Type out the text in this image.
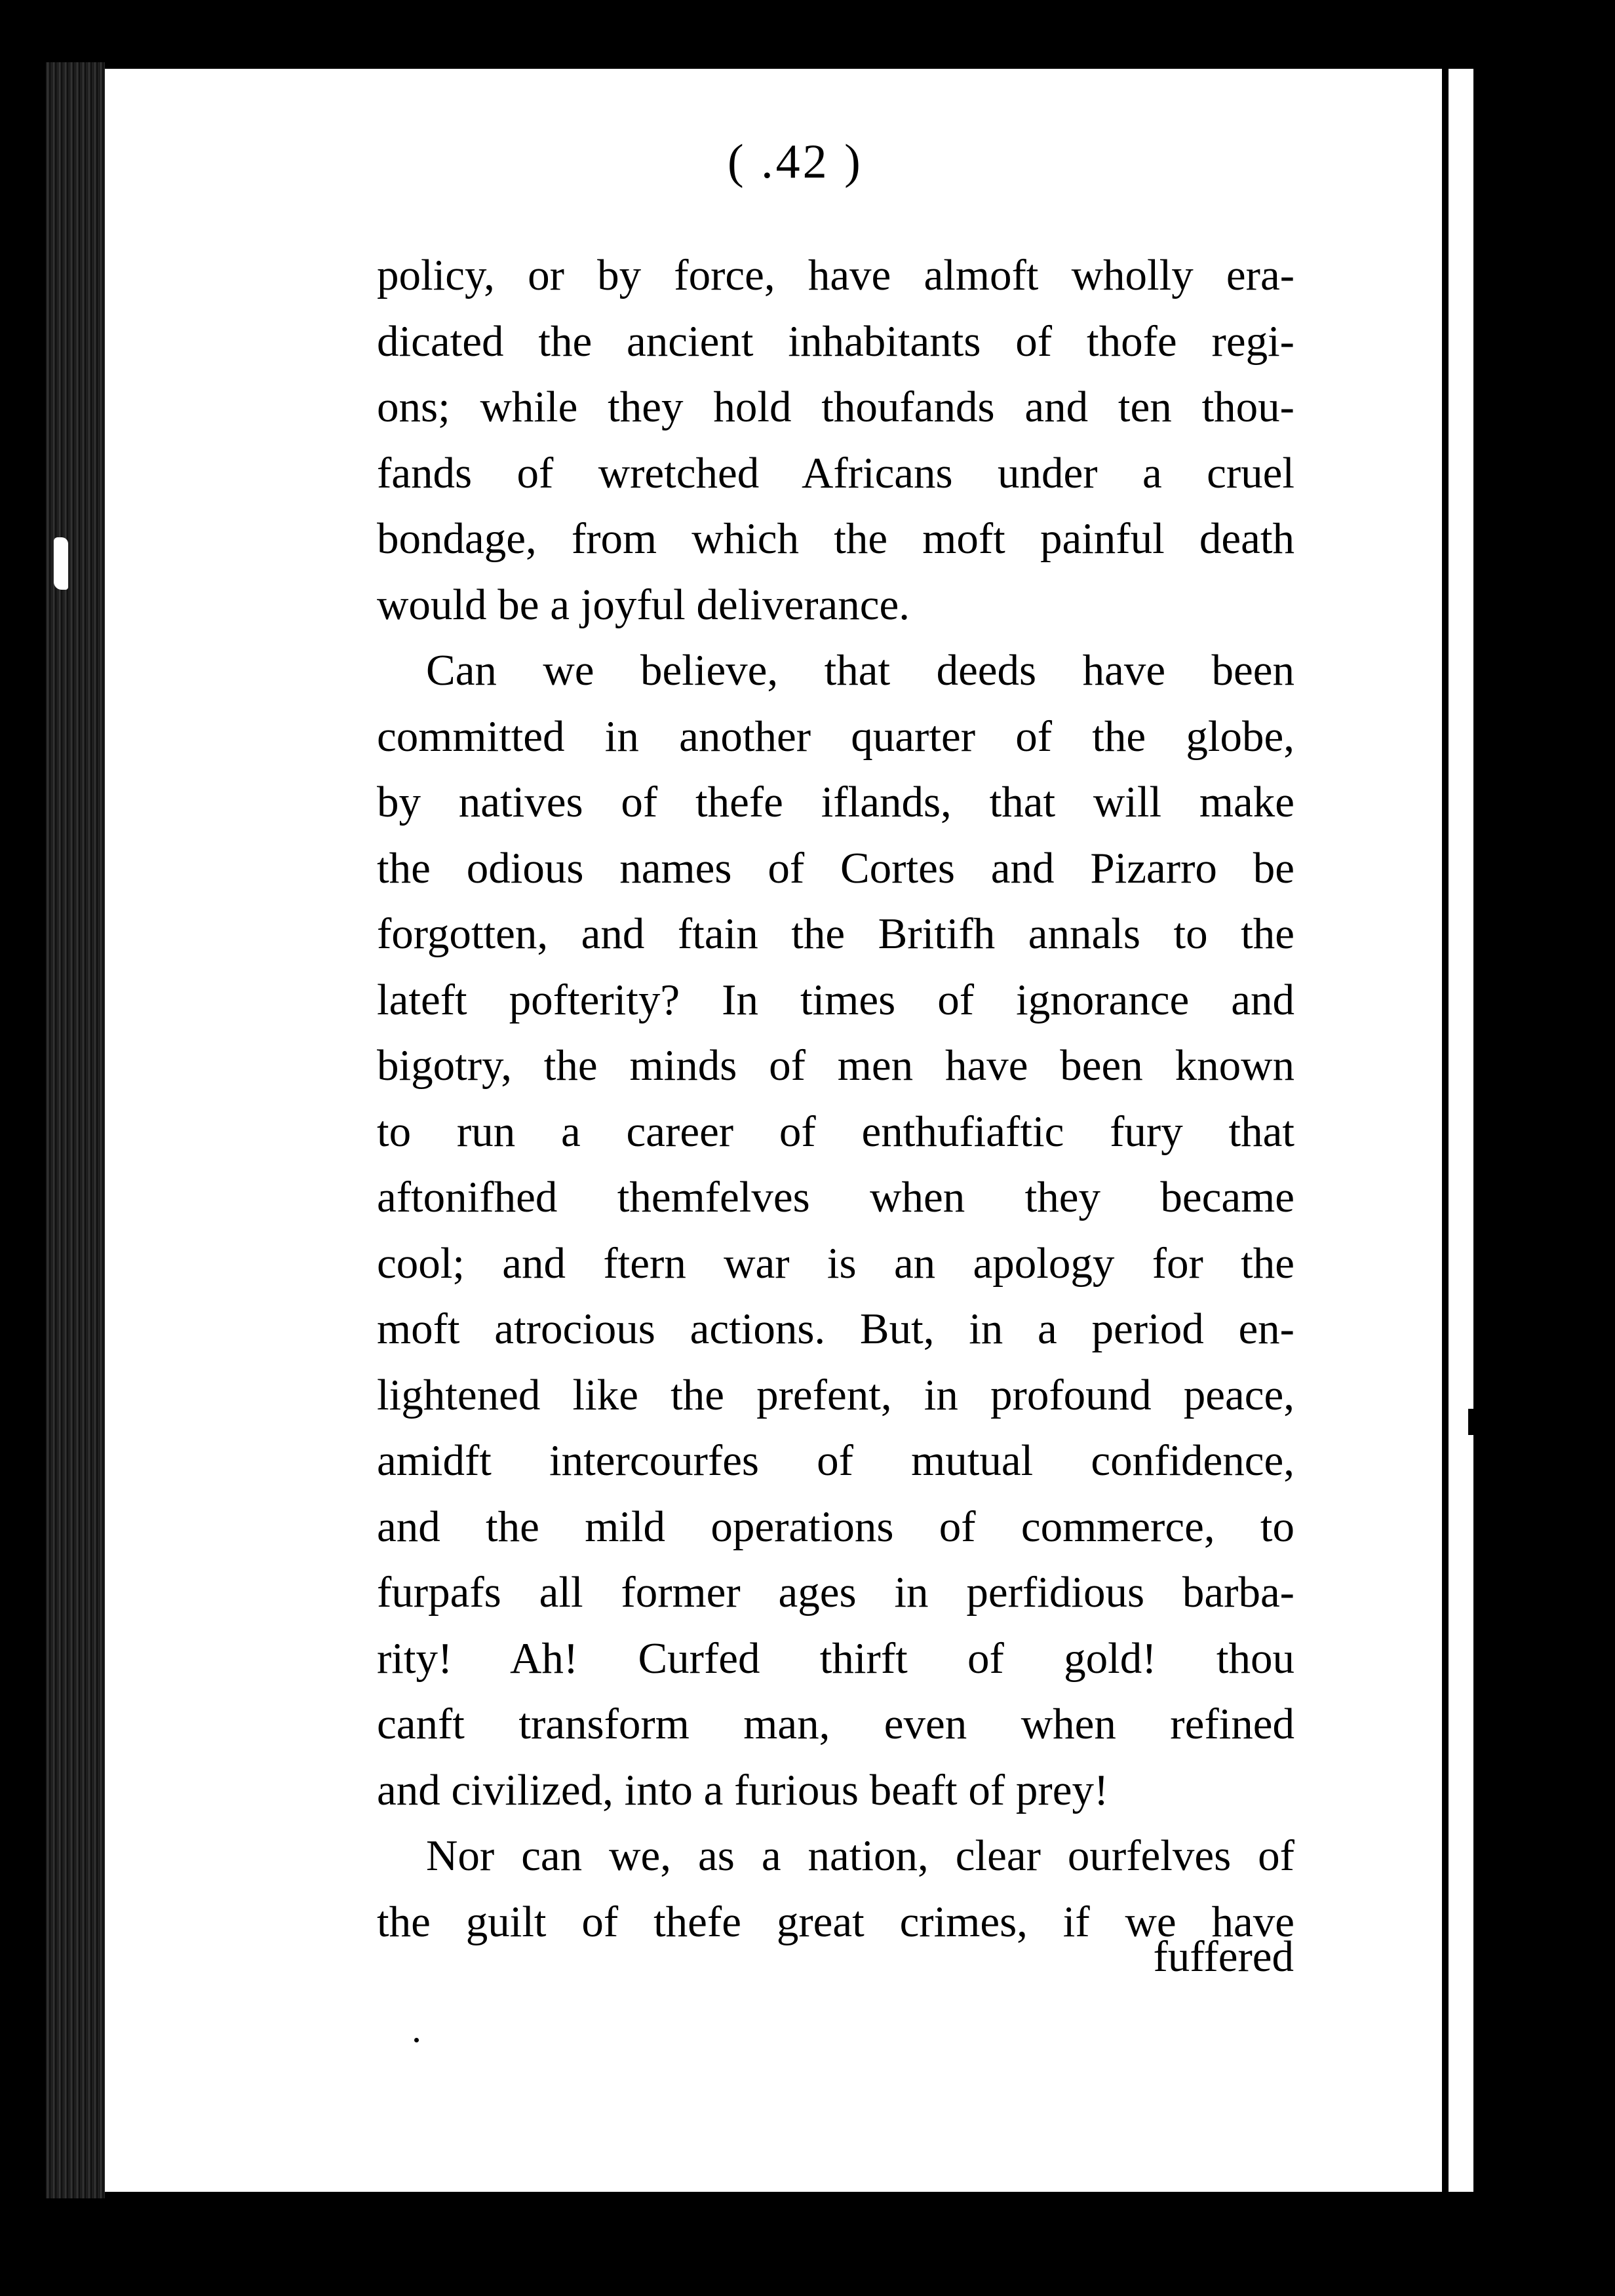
( .42 )

policy, or by force, have almoft wholly era-

dicated the ancient inhabitants of thofe regi-

ons; while they hold thoufands and ten thou-

fands of wretched Africans under a cruel

bondage, from which the moft painful death

would be a joyful deliverance.

Can we believe, that deeds have been

committed in another quarter of the globe,

by natives of thefe iflands, that will make

the odious names of Cortes and Pizarro be

forgotten, and ftain the Britifh annals to the

lateft pofterity? In times of ignorance and

bigotry, the minds of men have been known

to run a career of enthufiaftic fury that

aftonifhed themfelves when they became

cool; and ftern war is an apology for the

moft atrocious actions. But, in a period en-

lightened like the prefent, in profound peace,

amidft intercourfes of mutual confidence,

and the mild operations of commerce, to

furpafs all former ages in perfidious barba-

rity! Ah! Curfed thirft of gold! thou

canft transform man, even when refined

and civilized, into a furious beaft of prey!

Nor can we, as a nation, clear ourfelves of

the guilt of thefe great crimes, if we have

fuffered
